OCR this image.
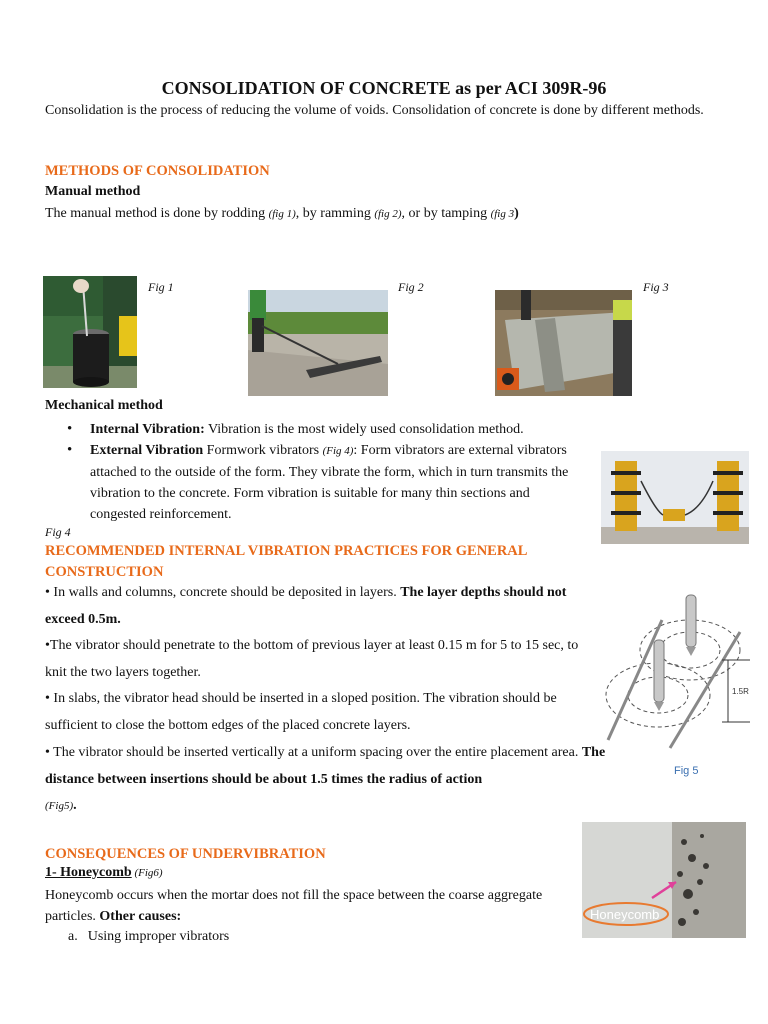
CONSOLIDATION OF CONCRETE as per ACI 309R-96
Consolidation is the process of reducing the volume of voids. Consolidation of concrete is done by different methods.
METHODS OF CONSOLIDATION
Manual method
The manual method is done by rodding (fig 1), by ramming (fig 2), or by tamping (fig 3)
Fig 1	Fig 2	Fig 3
Mechanical method
• Internal Vibration: Vibration is the most widely used consolidation method.
• External Vibration Formwork vibrators (Fig 4): Form vibrators are external vibrators attached to the outside of the form. They vibrate the form, which in turn transmits the vibration to the concrete. Form vibration is suitable for many thin sections and congested reinforcement.
Fig 4
RECOMMENDED INTERNAL VIBRATION PRACTICES FOR GENERAL CONSTRUCTION
• In walls and columns, concrete should be deposited in layers. The layer depths should not exceed 0.5m.
•The vibrator should penetrate to the bottom of previous layer at least 0.15 m for 5 to 15 sec, to knit the two layers together.
• In slabs, the vibrator head should be inserted in a sloped position. The vibration should be sufficient to close the bottom edges of the placed concrete layers.
• The vibrator should be inserted vertically at a uniform spacing over the entire placement area. The distance between insertions should be about 1.5 times the radius of action
(Fig5).
1.5R
Fig 5
CONSEQUENCES OF UNDERVIBRATION
1- Honeycomb (Fig6)
Honeycomb occurs when the mortar does not fill the space between the coarse aggregate particles. Other causes:
a. Using improper vibrators
Honeycomb
